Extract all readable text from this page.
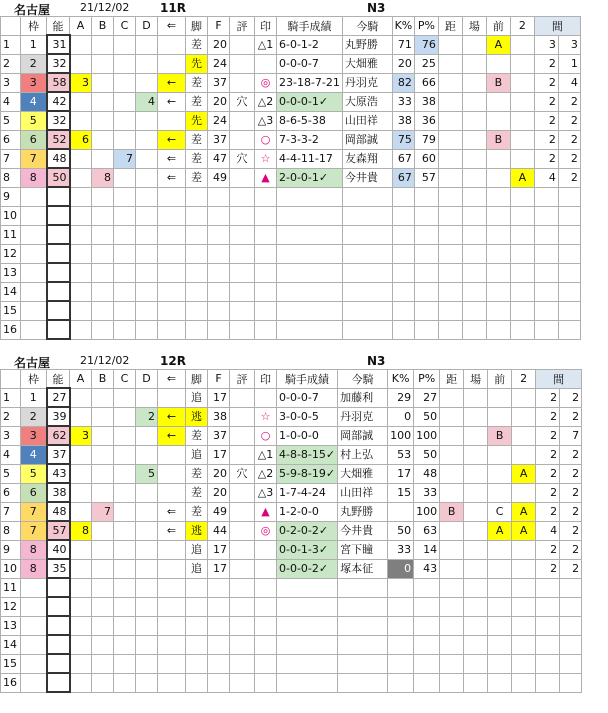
名古屋	21/12/02	11R	N3
	枠	能	A	B	C	D	⇐	脚	F	評	印	騎手成績	今騎	K%	P%	距	場	前	2	間	
1	1	31						差	20		△1	6-0-1-2	丸野勝	71	76			A		3	3
2	2	32						先	24			0-0-0-7	大畑雅	20	25					2	1
3	3	58	3				←	差	37		◎	23-18-7-21	丹羽克	82	66			B		2	4
4	4	42				4	←	差	20	穴	△2	0-0-0-1✓	大原浩	33	38					2	2
5	5	32						先	24		△3	8-6-5-38	山田祥	38	36					2	2
6	6	52	6				←	差	37		○	7-3-3-2	岡部誠	75	79			B		2	2
7	7	48			7		⇐	差	47	穴	☆	4-4-11-17	友森翔	67	60					2	2
8	8	50		8			⇐	差	49		▲	2-0-0-1✓	今井貴	67	57				A	4	2
9																					
10																					
11																					
12																					
13																					
14																					
15																					
16																					
名古屋	21/12/02	12R	N3
	枠	能	A	B	C	D	⇐	脚	F	評	印	騎手成績	今騎	K%	P%	距	場	前	2	間	
1	1	27						追	17			0-0-0-7	加藤利	29	27					2	2
2	2	39				2	←	逃	38		☆	3-0-0-5	丹羽克	0	50					2	2
3	3	62	3				←	差	37		○	1-0-0-0	岡部誠	100	100			B		2	7
4	4	37						追	17		△1	4-8-8-15✓	村上弘	53	50					2	2
5	5	43				5		差	20	穴	△2	5-9-8-19✓	大畑雅	17	48				A	2	2
6	6	38						差	20		△3	1-7-4-24	山田祥	15	33					2	2
7	7	48		7			⇐	差	49		▲	1-2-0-0	丸野勝		100	B		C	A	2	2
8	7	57	8				⇐	逃	44		◎	0-2-0-2✓	今井貴	50	63			A	A	4	2
9	8	40						追	17			0-0-1-3✓	宮下瞳	33	14					2	2
10	8	35						追	17			0-0-0-2✓	塚本征	0	43					2	2
11																					
12																					
13																					
14																					
15																					
16																					
